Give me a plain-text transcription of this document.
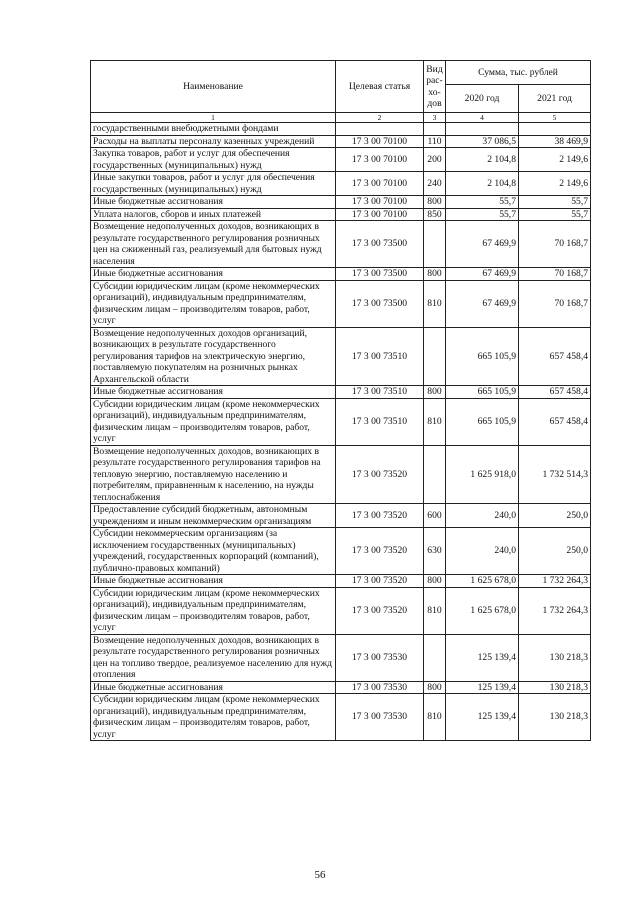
Наименование	Целевая статья	Вид рас-хо-дов	Сумма, тыс. рублей	
			2020 год	2021 год
1	2	3	4	5
государственными внебюджетными фондами				
Расходы на выплаты персоналу казенных учреждений	17 3 00 70100	110	37 086,5	38 469,9
Закупка товаров, работ и услуг для обеспечения государственных (муниципальных) нужд	17 3 00 70100	200	2 104,8	2 149,6
Иные закупки товаров, работ и услуг для обеспечения государственных (муниципальных) нужд	17 3 00 70100	240	2 104,8	2 149,6
Иные бюджетные ассигнования	17 3 00 70100	800	55,7	55,7
Уплата налогов, сборов и иных платежей	17 3 00 70100	850	55,7	55,7
Возмещение недополученных доходов, возникающих в результате государственного регулирования розничных цен на сжиженный газ, реализуемый для бытовых нужд населения	17 3 00 73500		67 469,9	70 168,7
Иные бюджетные ассигнования	17 3 00 73500	800	67 469,9	70 168,7
Субсидии юридическим лицам (кроме некоммерческих организаций), индивидуальным предпринимателям, физическим лицам – производителям товаров, работ, услуг	17 3 00 73500	810	67 469,9	70 168,7
Возмещение недополученных доходов организаций, возникающих в результате государственного регулирования тарифов на электрическую энергию, поставляемую покупателям на розничных рынках Архангельской области	17 3 00 73510		665 105,9	657 458,4
Иные бюджетные ассигнования	17 3 00 73510	800	665 105,9	657 458,4
Субсидии юридическим лицам (кроме некоммерческих организаций), индивидуальным предпринимателям, физическим лицам – производителям товаров, работ, услуг	17 3 00 73510	810	665 105,9	657 458,4
Возмещение недополученных доходов, возникающих в результате государственного регулирования тарифов на тепловую энергию, поставляемую населению и потребителям, приравненным к населению, на нужды теплоснабжения	17 3 00 73520		1 625 918,0	1 732 514,3
Предоставление субсидий бюджетным, автономным учреждениям и иным некоммерческим организациям	17 3 00 73520	600	240,0	250,0
Субсидии некоммерческим организациям (за исключением государственных (муниципальных) учреждений, государственных корпораций (компаний), публично-правовых компаний)	17 3 00 73520	630	240,0	250,0
Иные бюджетные ассигнования	17 3 00 73520	800	1 625 678,0	1 732 264,3
Субсидии юридическим лицам (кроме некоммерческих организаций), индивидуальным предпринимателям, физическим лицам – производителям товаров, работ, услуг	17 3 00 73520	810	1 625 678,0	1 732 264,3
Возмещение недополученных доходов, возникающих в результате государственного регулирования розничных цен на топливо твердое, реализуемое населению для нужд отопления	17 3 00 73530		125 139,4	130 218,3
Иные бюджетные ассигнования	17 3 00 73530	800	125 139,4	130 218,3
Субсидии юридическим лицам (кроме некоммерческих организаций), индивидуальным предпринимателям, физическим лицам – производителям товаров, работ, услуг	17 3 00 73530	810	125 139,4	130 218,3
56
